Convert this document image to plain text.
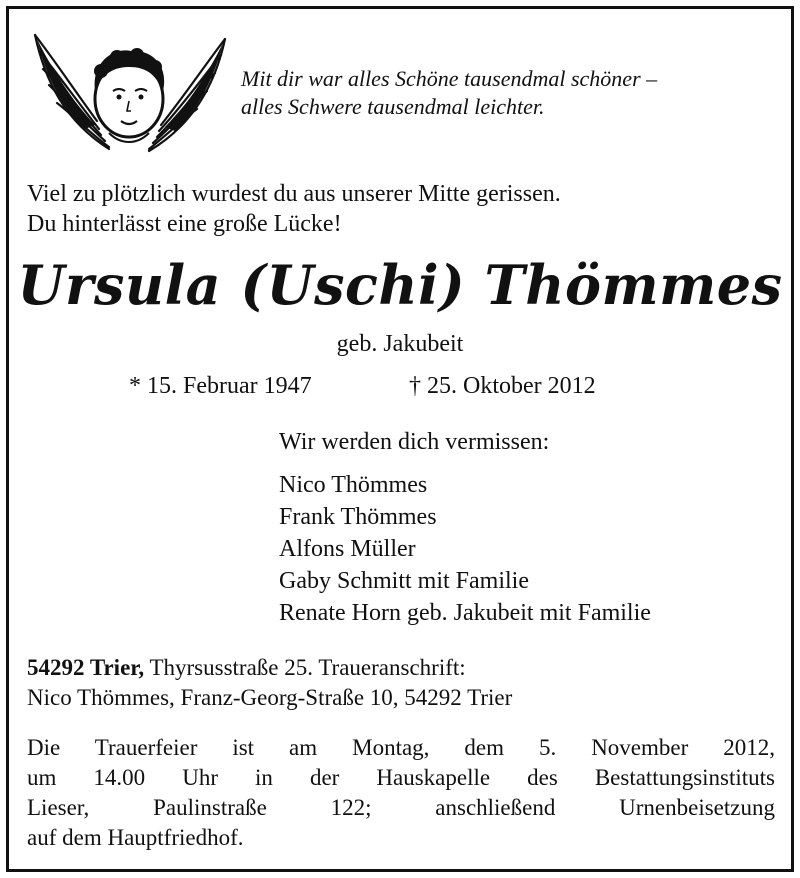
Mit dir war alles Schöne tausendmal schöner –
alles Schwere tausendmal leichter.
Viel zu plötzlich wurdest du aus unserer Mitte gerissen.
Du hinterlässt eine große Lücke!
Ursula (Uschi) Thömmes
geb. Jakubeit
* 15. Februar 1947	† 25. Oktober 2012
Wir werden dich vermissen:
Nico Thömmes
Frank Thömmes
Alfons Müller
Gaby Schmitt mit Familie
Renate Horn geb. Jakubeit mit Familie
54292 Trier, Thyrsusstraße 25. Traueranschrift:
Nico Thömmes, Franz-Georg-Straße 10, 54292 Trier
Die Trauerfeier ist am Montag, dem 5. November 2012,
um 14.00 Uhr in der Hauskapelle des Bestattungsinstituts
Lieser, Paulinstraße 122; anschließend Urnenbeisetzung
auf dem Hauptfriedhof.
